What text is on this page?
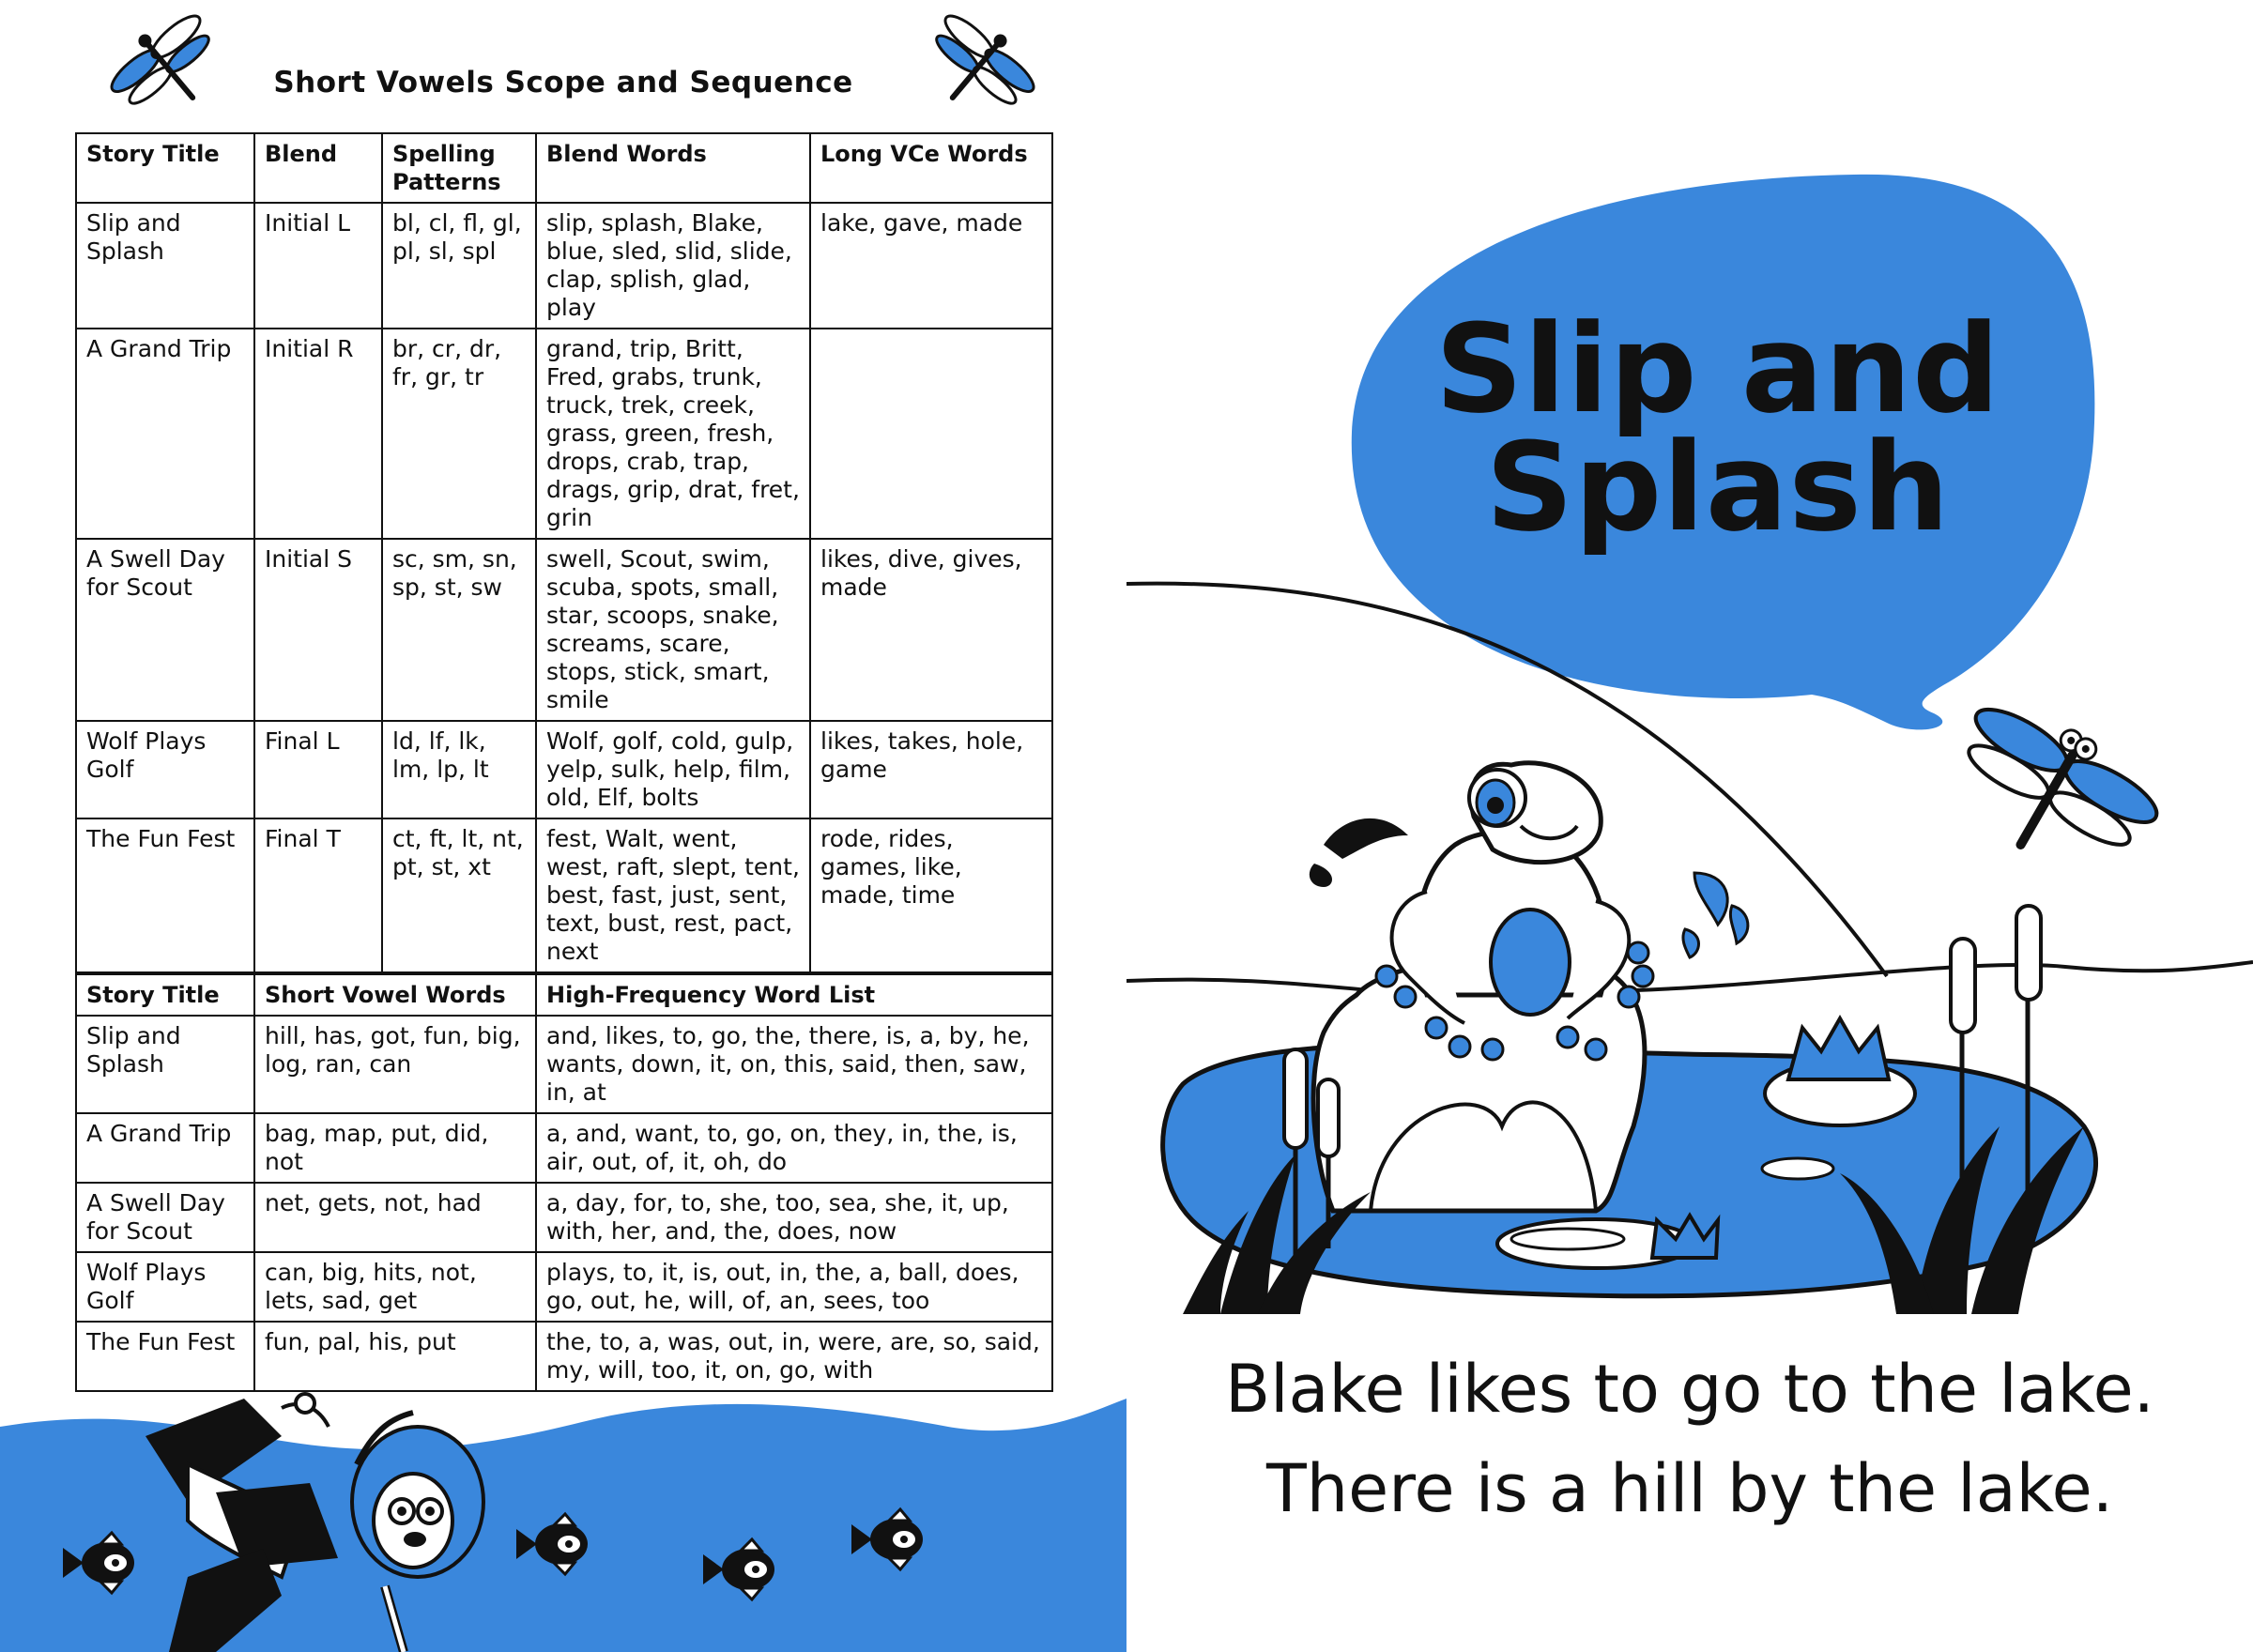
Short Vowels Scope and Sequence
Story Title	Blend	Spelling Patterns	Blend Words	Long VCe Words
Slip and Splash	Initial L	bl, cl, fl, gl, pl, sl, spl	slip, splash, Blake, blue, sled, slid, slide, clap, splish, glad, play	lake, gave, made
A Grand Trip	Initial R	br, cr, dr, fr, gr, tr	grand, trip, Britt, Fred, grabs, trunk, truck, trek, creek, grass, green, fresh, drops, crab, trap, drags, grip, drat, fret, grin	
A Swell Day for Scout	Initial S	sc, sm, sn, sp, st, sw	swell, Scout, swim, scuba, spots, small, star, scoops, snake, screams, scare, stops, stick, smart, smile	likes, dive, gives, made
Wolf Plays Golf	Final L	ld, lf, lk, lm, lp, lt	Wolf, golf, cold, gulp, yelp, sulk, help, film, old, Elf, bolts	likes, takes, hole, game
The Fun Fest	Final T	ct, ft, lt, nt, pt, st, xt	fest, Walt, went, west, raft, slept, tent, best, fast, just, sent, text, bust, rest, pact, next	rode, rides, games, like, made, time
Story Title	Short Vowel Words	High-Frequency Word List
Slip and Splash	hill, has, got, fun, big, log, ran, can	and, likes, to, go, the, there, is, a, by, he, wants, down, it, on, this, said, then, saw, in, at
A Grand Trip	bag, map, put, did, not	a, and, want, to, go, on, they, in, the, is, air, out, of, it, oh, do
A Swell Day for Scout	net, gets, not, had	a, day, for, to, she, too, sea, she, it, up, with, her, and, the, does, now
Wolf Plays Golf	can, big, hits, not, lets, sad, get	plays, to, it, is, out, in, the, a, ball, does, go, out, he, will, of, an, sees, too
The Fun Fest	fun, pal, his, put	the, to, a, was, out, in, were, are, so, said, my, will, too, it, on, go, with
Slip and
Splash
Blake likes to go to the lake.
There is a hill by the lake.
